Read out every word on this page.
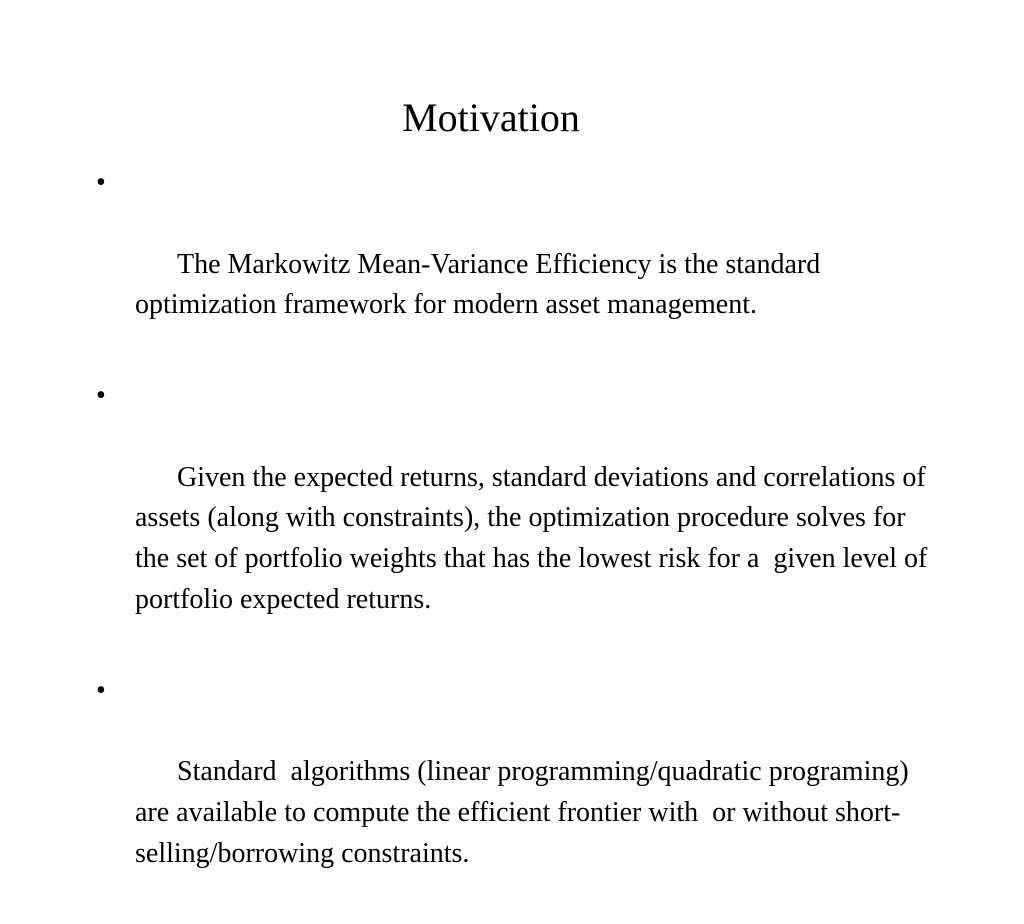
Motivation

•

The Markowitz Mean-Variance Efficiency is the standard optimization framework for modern asset management.

•

Given the expected returns, standard deviations and correlations of assets (along with constraints), the optimization procedure solves for the set of portfolio weights that has the lowest risk for a  given level of portfolio expected returns.

•

Standard  algorithms (linear programming/quadratic programing) are available to compute the efficient frontier with  or without short-selling/borrowing constraints.
